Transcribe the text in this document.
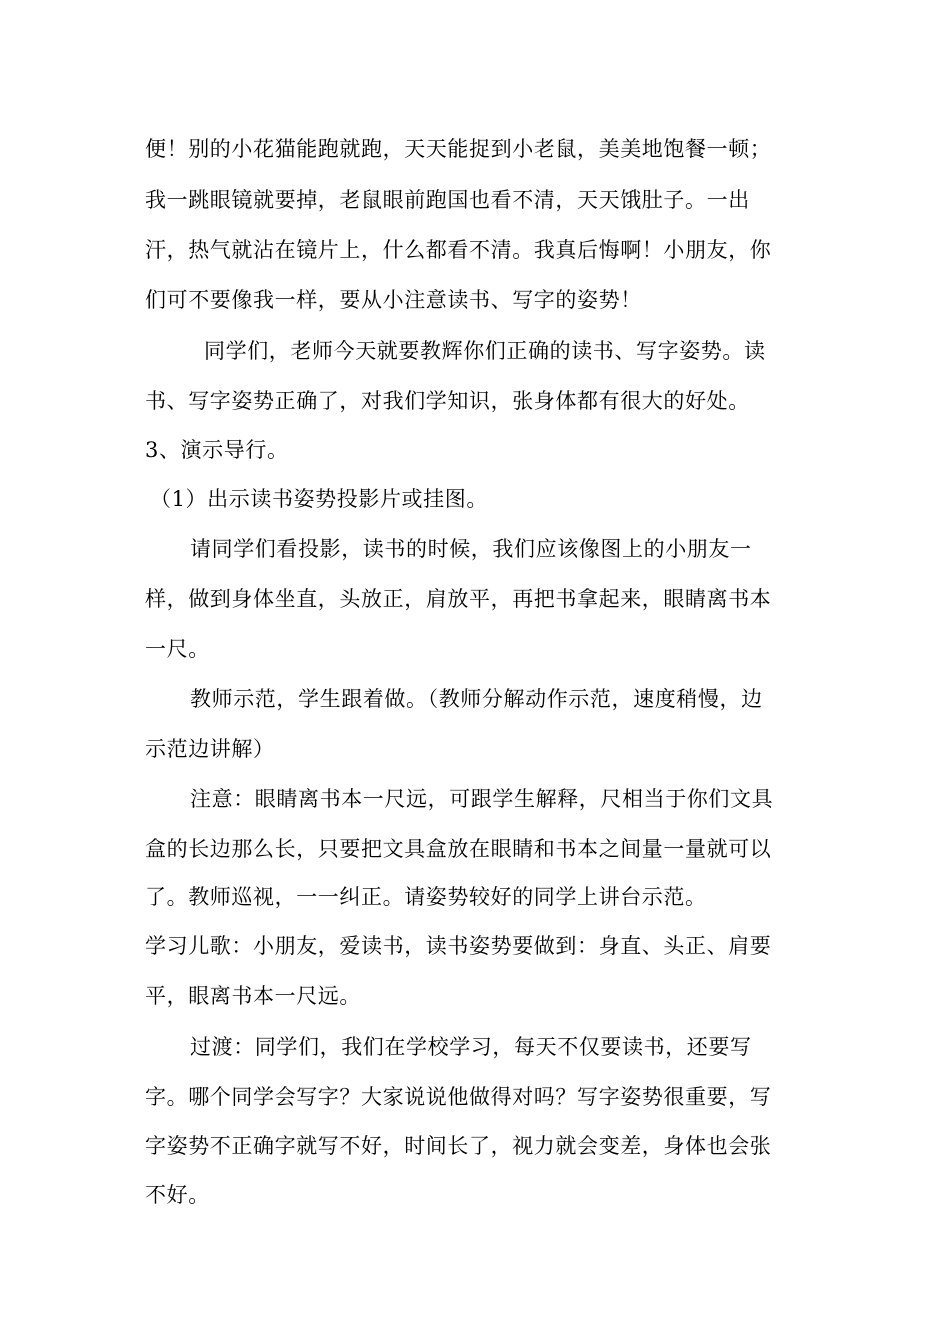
便！别的小花猫能跑就跑，天天能捉到小老鼠，美美地饱餐一顿；
我一跳眼镜就要掉，老鼠眼前跑国也看不清，天天饿肚子。一出
汗，热气就沾在镜片上，什么都看不清。我真后悔啊！小朋友，你
们可不要像我一样，要从小注意读书、写字的姿势！
同学们，老师今天就要教辉你们正确的读书、写字姿势。读
书、写字姿势正确了，对我们学知识，张身体都有很大的好处。
3、演示导行。
（1）出示读书姿势投影片或挂图。
请同学们看投影，读书的时候，我们应该像图上的小朋友一
样，做到身体坐直，头放正，肩放平，再把书拿起来，眼睛离书本
一尺。
教师示范，学生跟着做。（教师分解动作示范，速度稍慢，边
示范边讲解）
注意：眼睛离书本一尺远，可跟学生解释，尺相当于你们文具
盒的长边那么长，只要把文具盒放在眼睛和书本之间量一量就可以
了。教师巡视，一一纠正。请姿势较好的同学上讲台示范。
学习儿歌：小朋友，爱读书，读书姿势要做到：身直、头正、肩要
平，眼离书本一尺远。
过渡：同学们，我们在学校学习，每天不仅要读书，还要写
字。哪个同学会写字？大家说说他做得对吗？写字姿势很重要，写
字姿势不正确字就写不好，时间长了，视力就会变差，身体也会张
不好。
